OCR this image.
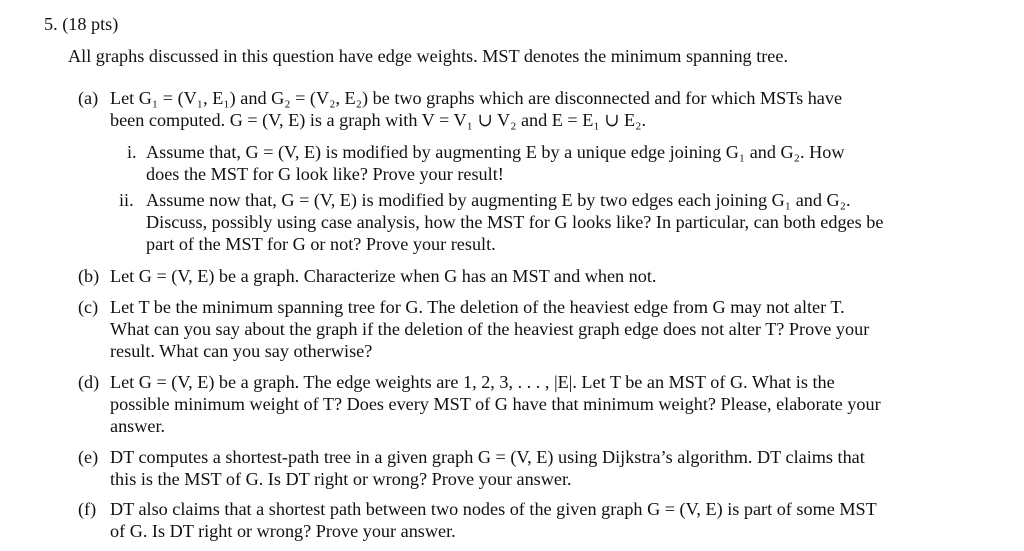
5. (18 pts)
All graphs discussed in this question have edge weights. MST denotes the minimum spanning tree.
(a) Let G₁ = (V₁, E₁) and G₂ = (V₂, E₂) be two graphs which are disconnected and for which MSTs have
been computed. G = (V, E) is a graph with V = V₁ ∪ V₂ and E = E₁ ∪ E₂.
i. Assume that, G = (V, E) is modified by augmenting E by a unique edge joining G₁ and G₂. How
does the MST for G look like? Prove your result!
ii. Assume now that, G = (V, E) is modified by augmenting E by two edges each joining G₁ and G₂.
Discuss, possibly using case analysis, how the MST for G looks like? In particular, can both edges be
part of the MST for G or not? Prove your result.
(b) Let G = (V, E) be a graph. Characterize when G has an MST and when not.
(c) Let T be the minimum spanning tree for G. The deletion of the heaviest edge from G may not alter T.
What can you say about the graph if the deletion of the heaviest graph edge does not alter T? Prove your
result. What can you say otherwise?
(d) Let G = (V, E) be a graph. The edge weights are 1, 2, 3, . . . , |E|. Let T be an MST of G. What is the
possible minimum weight of T? Does every MST of G have that minimum weight? Please, elaborate your
answer.
(e) DT computes a shortest-path tree in a given graph G = (V, E) using Dijkstra’s algorithm. DT claims that
this is the MST of G. Is DT right or wrong? Prove your answer.
(f) DT also claims that a shortest path between two nodes of the given graph G = (V, E) is part of some MST
of G. Is DT right or wrong? Prove your answer.
